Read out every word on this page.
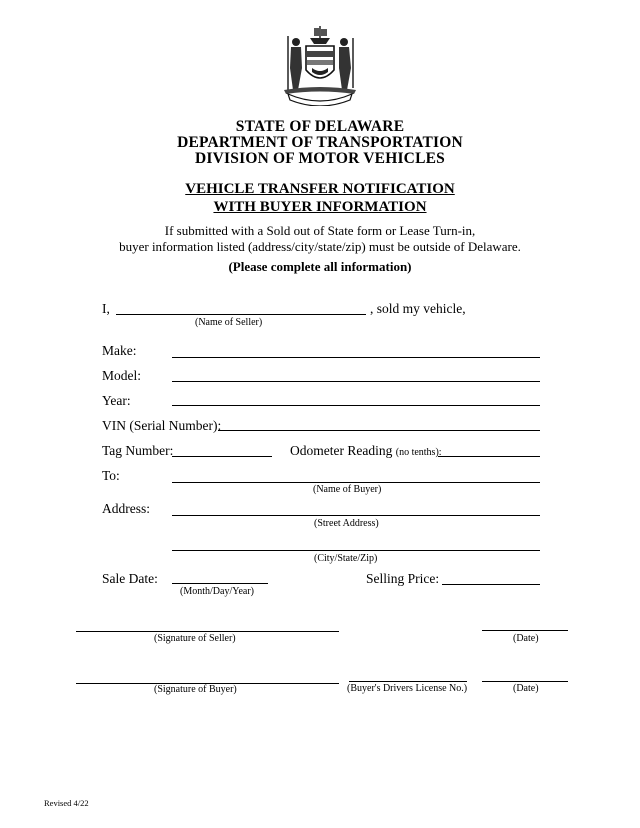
STATE OF DELAWARE
DEPARTMENT OF TRANSPORTATION
DIVISION OF MOTOR VEHICLES
VEHICLE TRANSFER NOTIFICATION
WITH BUYER INFORMATION
If submitted with a Sold out of State form or Lease Turn-in,
buyer information listed (address/city/state/zip) must be outside of Delaware.
(Please complete all information)
I,	, sold my vehicle,
(Name of Seller)
Make:
Model:
Year:
VIN (Serial Number):
Tag Number:	Odometer Reading (no tenths):
To:
(Name of Buyer)
Address:
(Street Address)
(City/State/Zip)
Sale Date:
(Month/Day/Year)
Selling Price:
(Signature of Seller)	(Date)
(Signature of Buyer)	(Buyer's Drivers License No.)	(Date)
Revised 4/22
